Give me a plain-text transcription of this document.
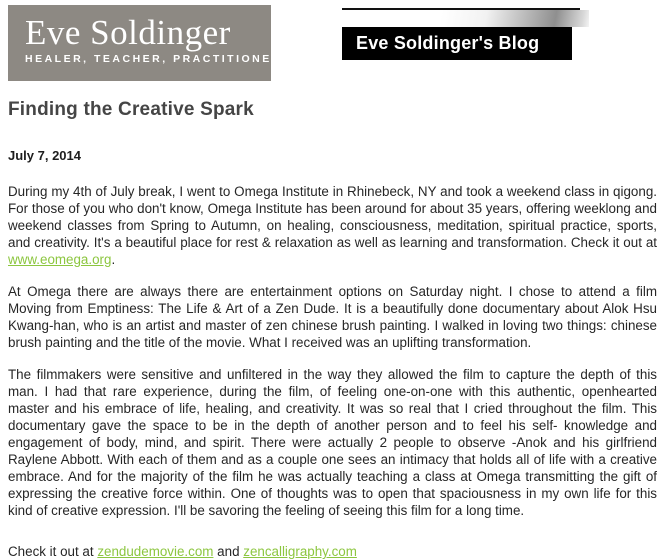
Eve Soldinger
HEALER, TEACHER, PRACTITIONER
Eve Soldinger's Blog
Finding the Creative Spark
July 7, 2014

During my 4th of July break, I went to Omega Institute in Rhinebeck, NY and took a weekend class in qigong. For those of you who don't know, Omega Institute has been around for about 35 years, offering weeklong and weekend classes from Spring to Autumn, on healing, consciousness, meditation, spiritual practice, sports, and creativity. It's a beautiful place for rest & relaxation as well as learning and transformation. Check it out at www.eomega.org.

At Omega there are always there are entertainment options on Saturday night. I chose to attend a film Moving from Emptiness: The Life & Art of a Zen Dude. It is a beautifully done documentary about Alok Hsu Kwang-han, who is an artist and master of zen chinese brush painting. I walked in loving two things: chinese brush painting and the title of the movie. What I received was an uplifting transformation.

The filmmakers were sensitive and unfiltered in the way they allowed the film to capture the depth of this man. I had that rare experience, during the film, of feeling one-on-one with this authentic, openhearted master and his embrace of life, healing, and creativity. It was so real that I cried throughout the film. This documentary gave the space to be in the depth of another person and to feel his self- knowledge and engagement of body, mind, and spirit. There were actually 2 people to observe -Anok and his girlfriend Raylene Abbott. With each of them and as a couple one sees an intimacy that holds all of life with a creative embrace. And for the majority of the film he was actually teaching a class at Omega transmitting the gift of expressing the creative force within. One of thoughts was to open that spaciousness in my own life for this kind of creative expression. I'll be savoring the feeling of seeing this film for a long time.

Check it out at zendudemovie.com and zencalligraphy.com
